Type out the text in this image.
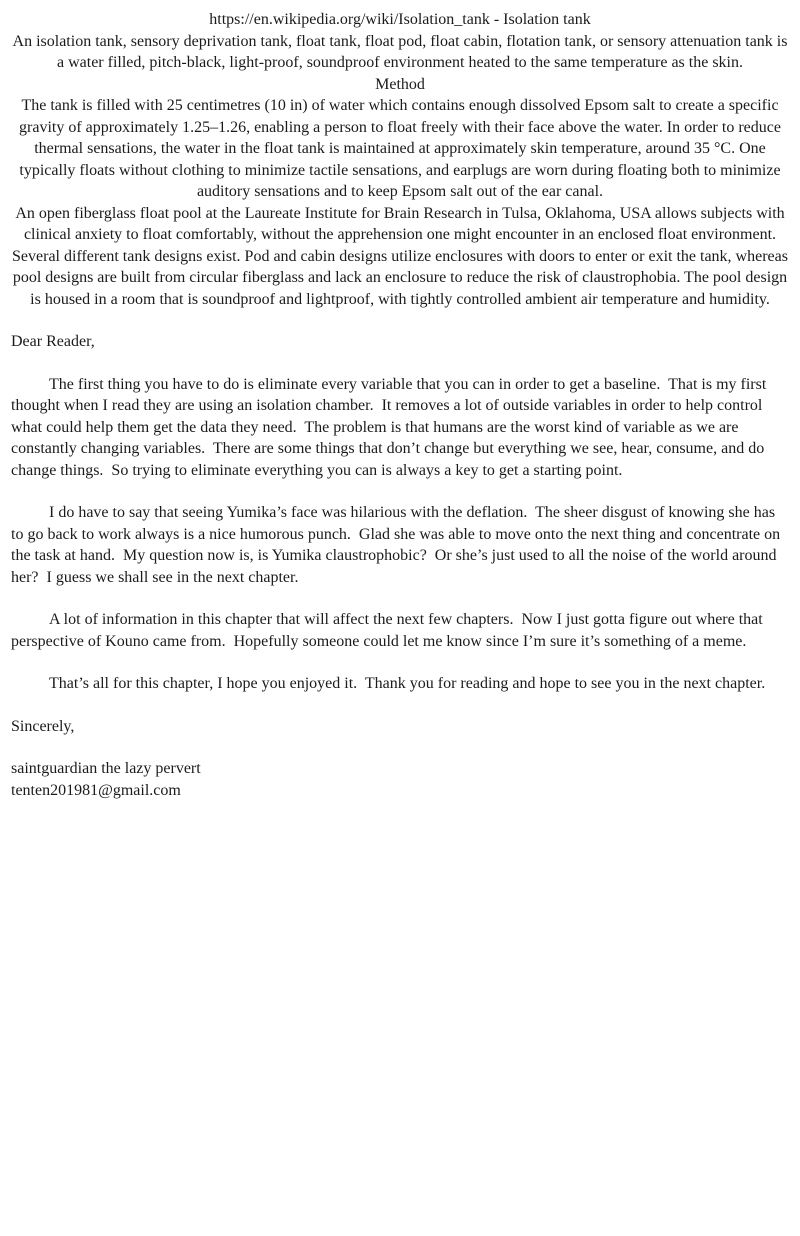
https://en.wikipedia.org/wiki/Isolation_tank - Isolation tank

An isolation tank, sensory deprivation tank, float tank, float pod, float cabin, flotation tank, or sensory attenuation tank is a water filled, pitch-black, light-proof, soundproof environment heated to the same temperature as the skin.

Method

The tank is filled with 25 centimetres (10 in) of water which contains enough dissolved Epsom salt to create a specific gravity of approximately 1.25–1.26, enabling a person to float freely with their face above the water. In order to reduce thermal sensations, the water in the float tank is maintained at approximately skin temperature, around 35 °C. One typically floats without clothing to minimize tactile sensations, and earplugs are worn during floating both to minimize auditory sensations and to keep Epsom salt out of the ear canal.

An open fiberglass float pool at the Laureate Institute for Brain Research in Tulsa, Oklahoma, USA allows subjects with clinical anxiety to float comfortably, without the apprehension one might encounter in an enclosed float environment.

Several different tank designs exist. Pod and cabin designs utilize enclosures with doors to enter or exit the tank, whereas pool designs are built from circular fiberglass and lack an enclosure to reduce the risk of claustrophobia. The pool design is housed in a room that is soundproof and lightproof, with tightly controlled ambient air temperature and humidity.

Dear Reader,

The first thing you have to do is eliminate every variable that you can in order to get a baseline.  That is my first thought when I read they are using an isolation chamber.  It removes a lot of outside variables in order to help control what could help them get the data they need.  The problem is that humans are the worst kind of variable as we are constantly changing variables.  There are some things that don’t change but everything we see, hear, consume, and do change things.  So trying to eliminate everything you can is always a key to get a starting point.

I do have to say that seeing Yumika’s face was hilarious with the deflation.  The sheer disgust of knowing she has to go back to work always is a nice humorous punch.  Glad she was able to move onto the next thing and concentrate on the task at hand.  My question now is, is Yumika claustrophobic?  Or she’s just used to all the noise of the world around her?  I guess we shall see in the next chapter.

A lot of information in this chapter that will affect the next few chapters.  Now I just gotta figure out where that perspective of Kouno came from.  Hopefully someone could let me know since I’m sure it’s something of a meme.

That’s all for this chapter, I hope you enjoyed it.  Thank you for reading and hope to see you in the next chapter.

Sincerely,

saintguardian the lazy pervert

tenten201981@gmail.com
